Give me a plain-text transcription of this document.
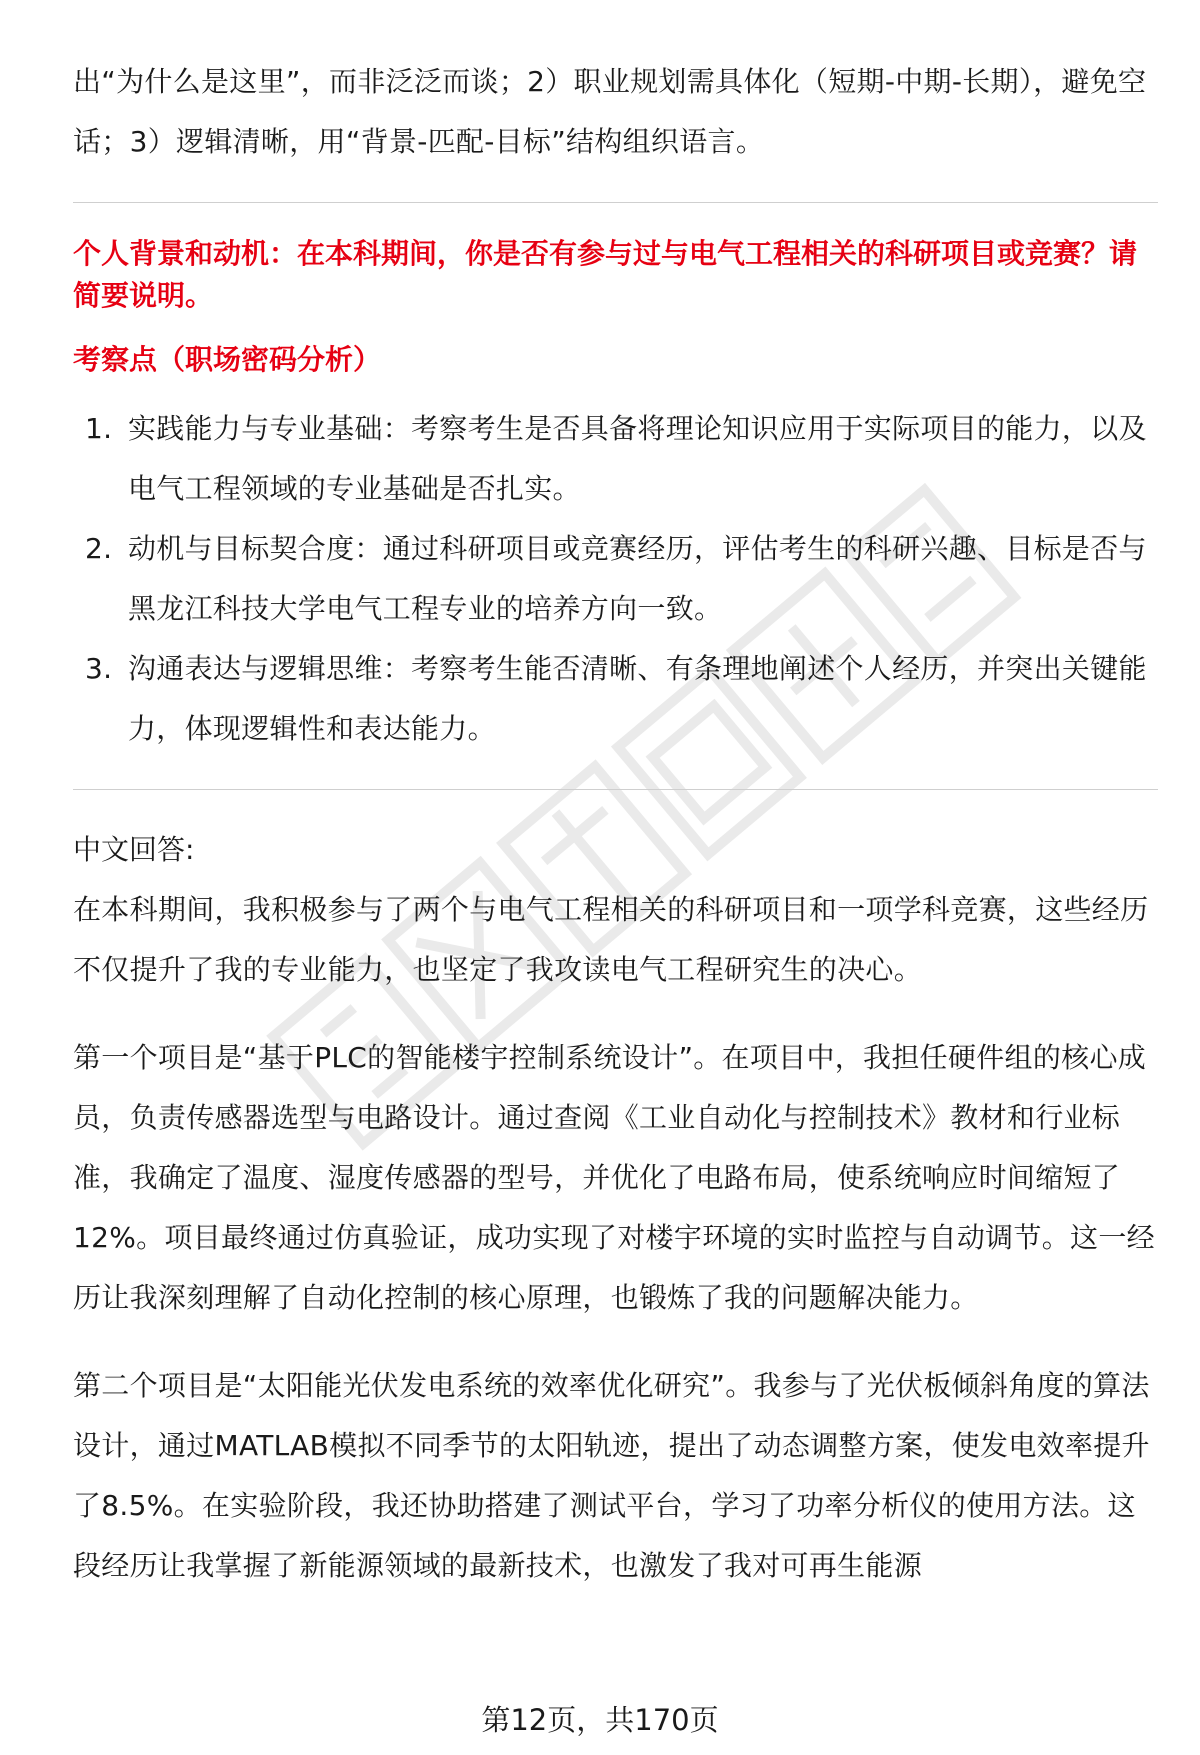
职场密码出品

出“为什么是这里”，而非泛泛而谈；2）职业规划需具体化（短期-中期-长期），避免空话；3）逻辑清晰，用“背景-匹配-目标”结构组织语言。

个人背景和动机：在本科期间，你是否有参与过与电气工程相关的科研项目或竞赛？请简要说明。

考察点（职场密码分析）

1. 实践能力与专业基础：考察考生是否具备将理论知识应用于实际项目的能力，以及电气工程领域的专业基础是否扎实。
2. 动机与目标契合度：通过科研项目或竞赛经历，评估考生的科研兴趣、目标是否与黑龙江科技大学电气工程专业的培养方向一致。
3. 沟通表达与逻辑思维：考察考生能否清晰、有条理地阐述个人经历，并突出关键能力，体现逻辑性和表达能力。

中文回答:

在本科期间，我积极参与了两个与电气工程相关的科研项目和一项学科竞赛，这些经历不仅提升了我的专业能力，也坚定了我攻读电气工程研究生的决心。

第一个项目是“基于PLC的智能楼宇控制系统设计”。在项目中，我担任硬件组的核心成员，负责传感器选型与电路设计。通过查阅《工业自动化与控制技术》教材和行业标准，我确定了温度、湿度传感器的型号，并优化了电路布局，使系统响应时间缩短了12%。项目最终通过仿真验证，成功实现了对楼宇环境的实时监控与自动调节。这一经历让我深刻理解了自动化控制的核心原理，也锻炼了我的问题解决能力。

第二个项目是“太阳能光伏发电系统的效率优化研究”。我参与了光伏板倾斜角度的算法设计，通过MATLAB模拟不同季节的太阳轨迹，提出了动态调整方案，使发电效率提升了8.5%。在实验阶段，我还协助搭建了测试平台，学习了功率分析仪的使用方法。这段经历让我掌握了新能源领域的最新技术，也激发了我对可再生能源

第12页，共170页
